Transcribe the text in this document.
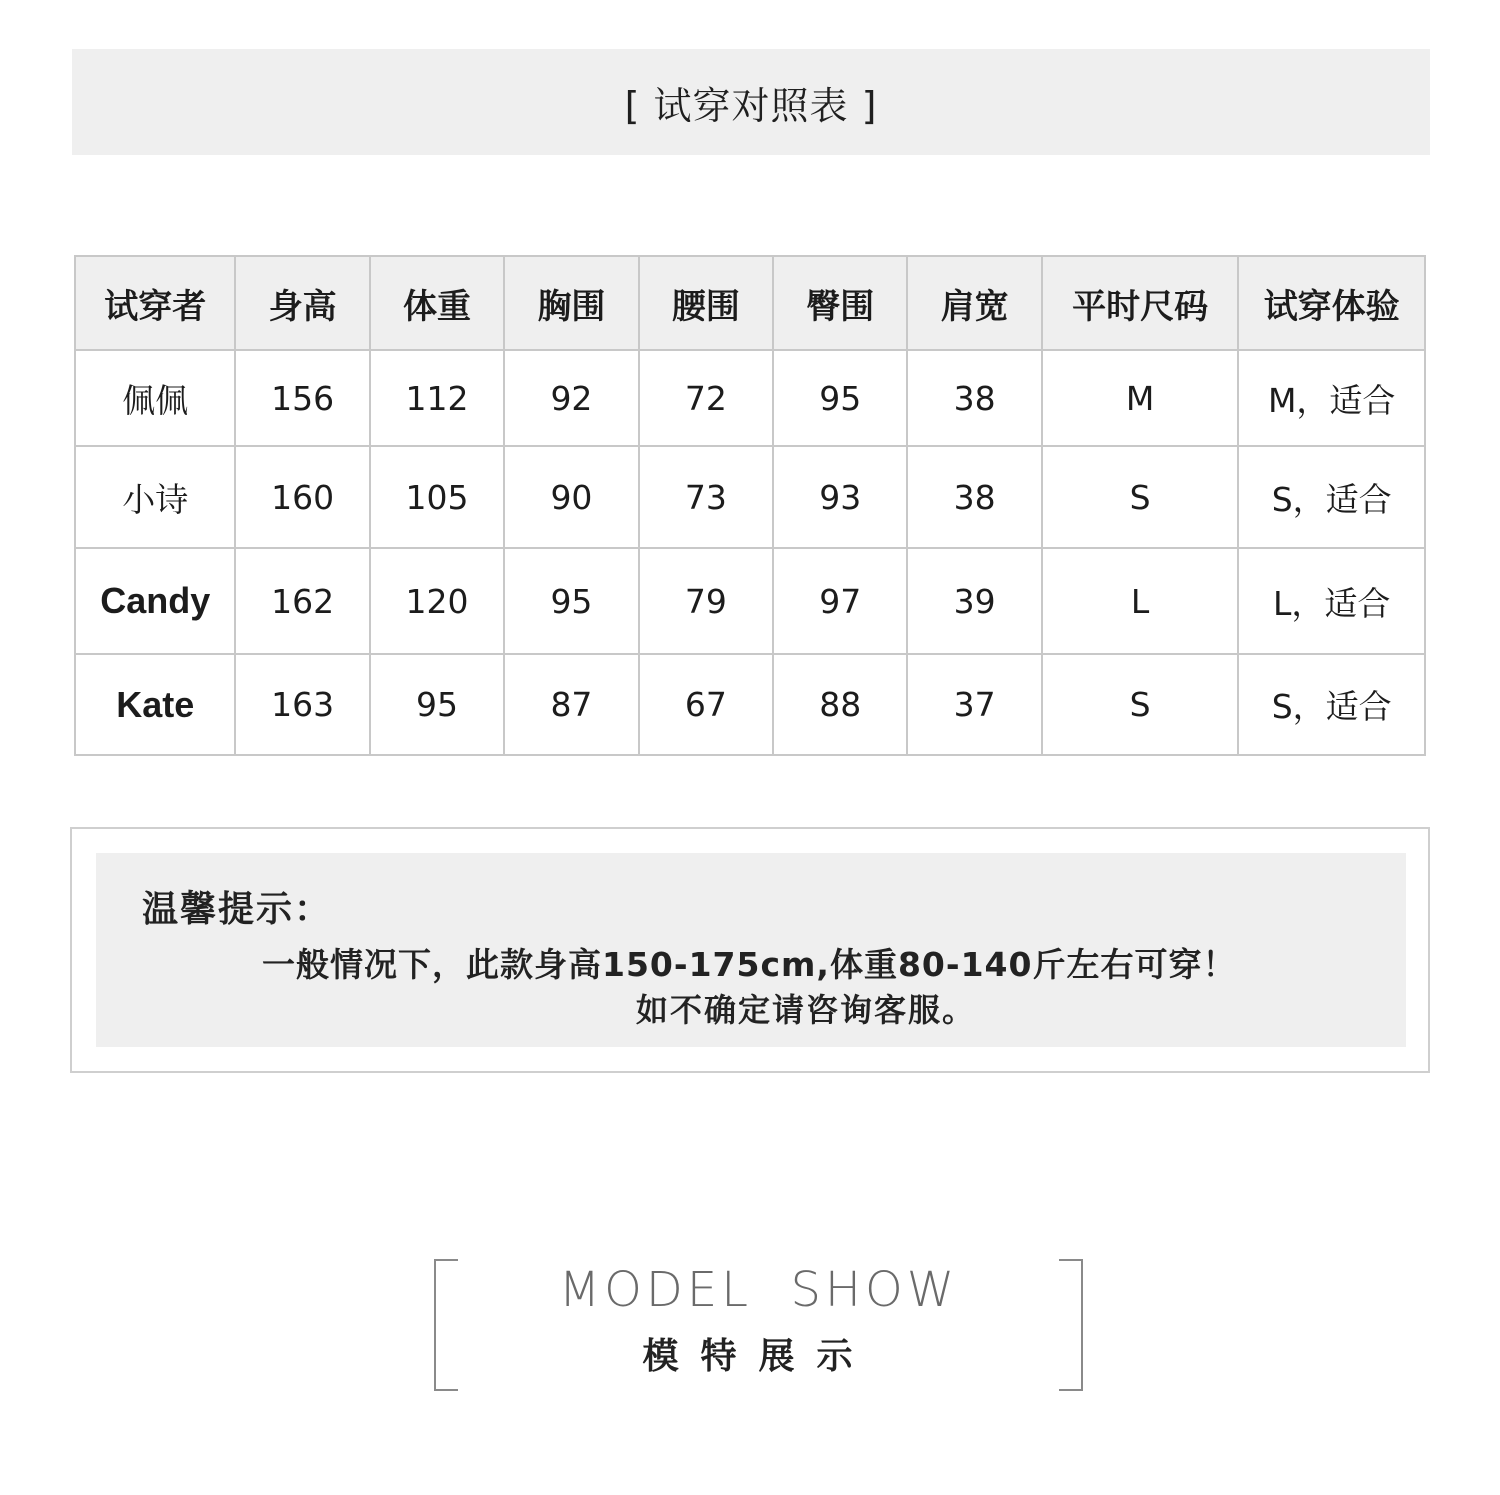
[ 试穿对照表 ]
试穿者	身高	体重	胸围	腰围	臀围	肩宽	平时尺码	试穿体验
佩佩	156	112	92	72	95	38	M	M，适合
小诗	160	105	90	73	93	38	S	S，适合
Candy	162	120	95	79	97	39	L	L，适合
Kate	163	95	87	67	88	37	S	S，适合
温馨提示：
一般情况下，此款身高150-175cm,体重80-140斤左右可穿！
如不确定请咨询客服。
MODEL  SHOW
模特展示
